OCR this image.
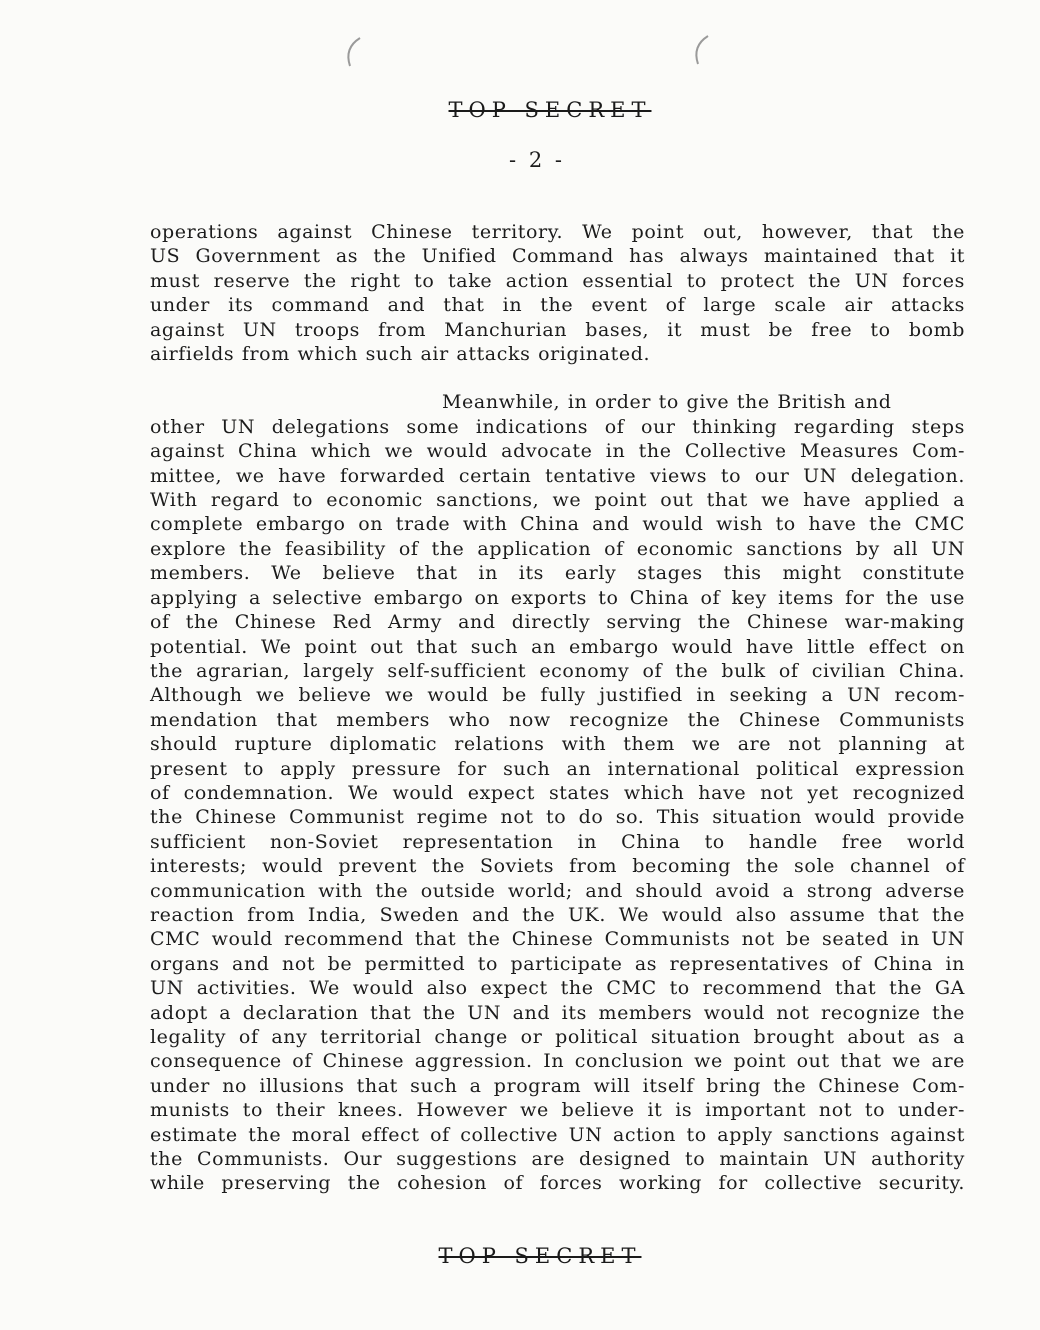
TOP SECRET
- 2 -
operations against Chinese territory. We point out, however, that the
US Government as the Unified Command has always maintained that it
must reserve the right to take action essential to protect the UN forces
under its command and that in the event of large scale air attacks
against UN troops from Manchurian bases, it must be free to bomb
airfields from which such air attacks originated.
Meanwhile, in order to give the British and
other UN delegations some indications of our thinking regarding steps
against China which we would advocate in the Collective Measures Com-
mittee, we have forwarded certain tentative views to our UN delegation.
With regard to economic sanctions, we point out that we have applied a
complete embargo on trade with China and would wish to have the CMC
explore the feasibility of the application of economic sanctions by all UN
members. We believe that in its early stages this might constitute
applying a selective embargo on exports to China of key items for the use
of the Chinese Red Army and directly serving the Chinese war-making
potential. We point out that such an embargo would have little effect on
the agrarian, largely self-sufficient economy of the bulk of civilian China.
Although we believe we would be fully justified in seeking a UN recom-
mendation that members who now recognize the Chinese Communists
should rupture diplomatic relations with them we are not planning at
present to apply pressure for such an international political expression
of condemnation. We would expect states which have not yet recognized
the Chinese Communist regime not to do so. This situation would provide
sufficient non-Soviet representation in China to handle free world
interests; would prevent the Soviets from becoming the sole channel of
communication with the outside world; and should avoid a strong adverse
reaction from India, Sweden and the UK. We would also assume that the
CMC would recommend that the Chinese Communists not be seated in UN
organs and not be permitted to participate as representatives of China in
UN activities. We would also expect the CMC to recommend that the GA
adopt a declaration that the UN and its members would not recognize the
legality of any territorial change or political situation brought about as a
consequence of Chinese aggression. In conclusion we point out that we are
under no illusions that such a program will itself bring the Chinese Com-
munists to their knees. However we believe it is important not to under-
estimate the moral effect of collective UN action to apply sanctions against
the Communists. Our suggestions are designed to maintain UN authority
while preserving the cohesion of forces working for collective security.
TOP SECRET
